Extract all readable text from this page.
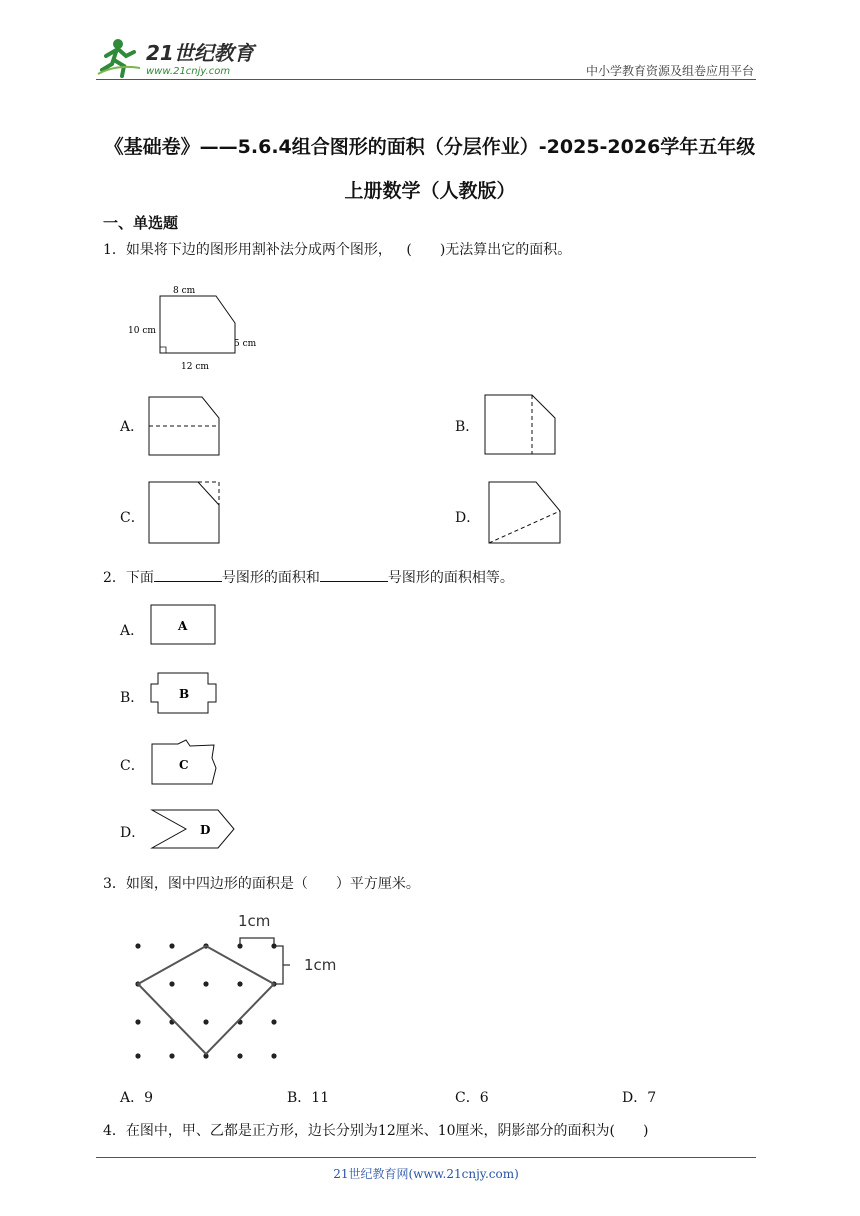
21世纪教育
www.21cnjy.com	中小学教育资源及组卷应用平台
《基础卷》——5.6.4组合图形的面积（分层作业）-2025-2026学年五年级
上册数学（人教版）
一、单选题
1．如果将下边的图形用割补法分成两个图形， (　　)无法算出它的面积。
8 cm
10 cm
5 cm
12 cm
A．	B．
C．	D．
2．下面	号图形的面积和	号图形的面积相等。
A．	A
B．	B
C．	C
D．	D
3．如图，图中四边形的面积是（　　）平方厘米。
1cm
1cm
A．9	B．11	C．6	D．7
4．在图中，甲、乙都是正方形，边长分别为12厘米、10厘米，阴影部分的面积为(　　)
21世纪教育网(www.21cnjy.com)
